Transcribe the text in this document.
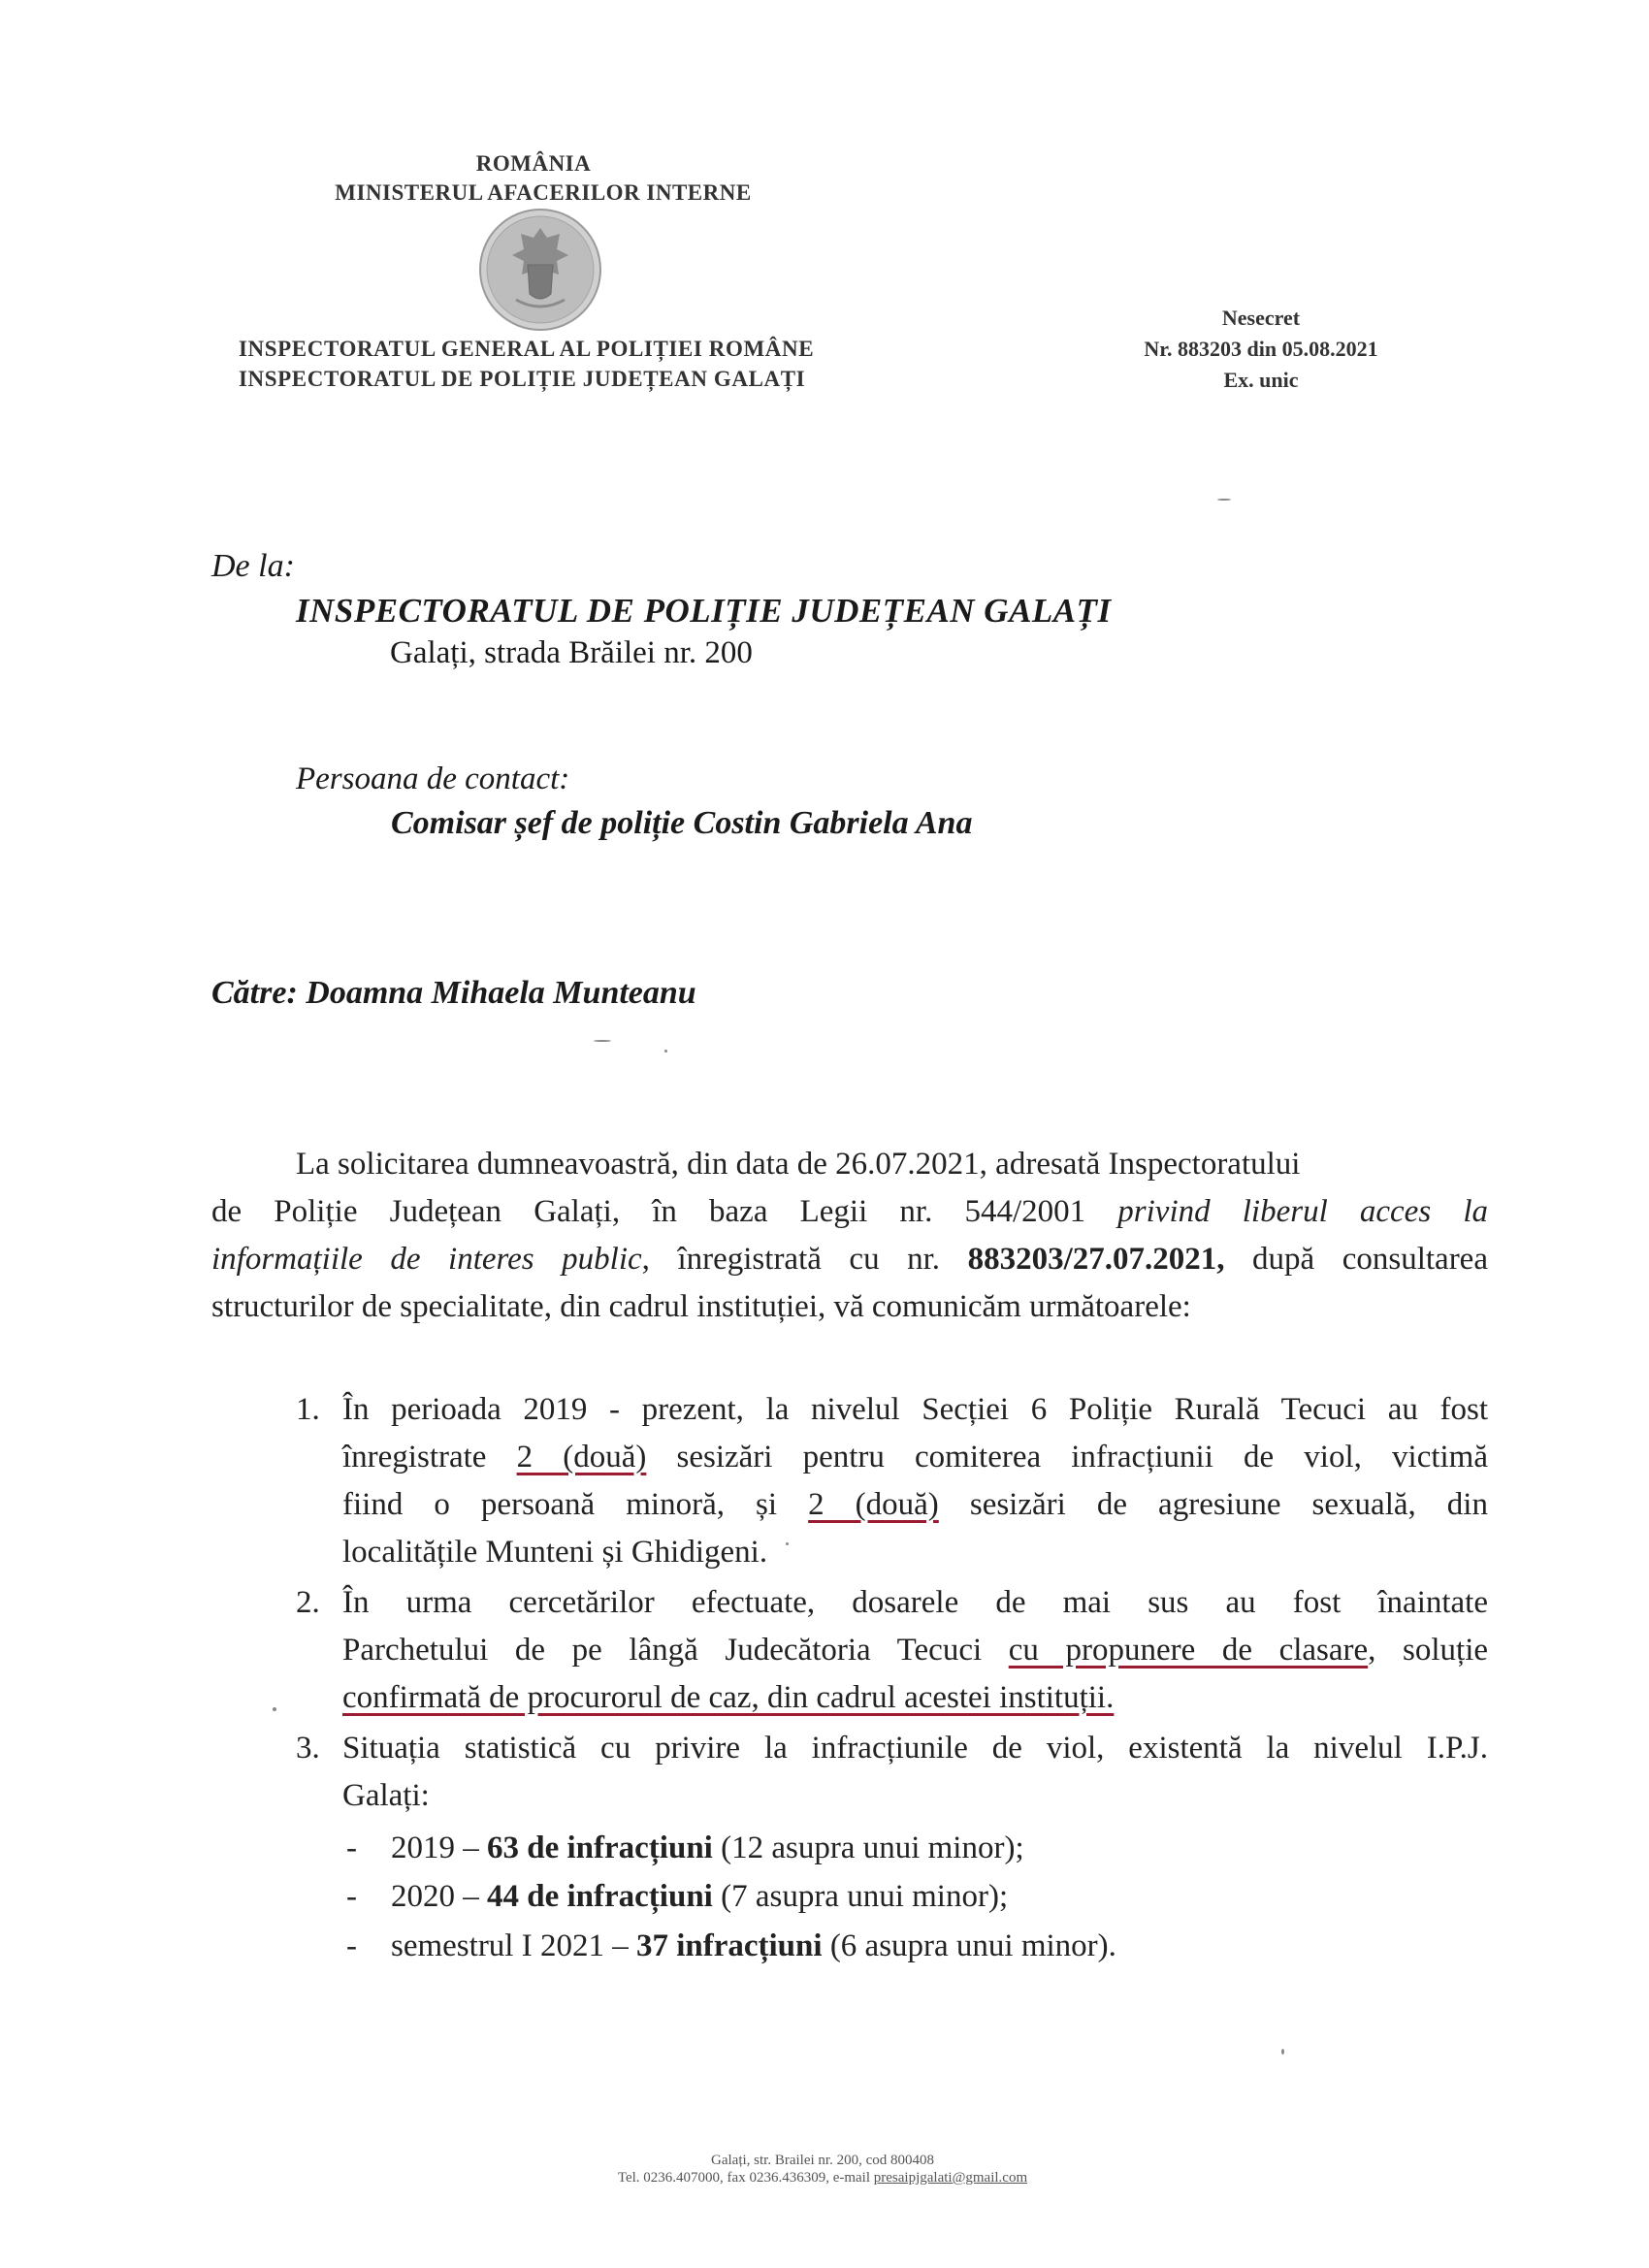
ROMÂNIA
MINISTERUL AFACERILOR INTERNE
INSPECTORATUL GENERAL AL POLIȚIEI ROMÂNE
INSPECTORATUL DE POLIȚIE JUDEȚEAN GALAȚI
Nesecret
Nr. 883203 din 05.08.2021
Ex. unic
De la:
INSPECTORATUL DE POLIȚIE JUDEȚEAN GALAȚI
Galați, strada Brăilei nr. 200
Persoana de contact:
Comisar șef de poliție Costin Gabriela Ana
Către: Doamna Mihaela Munteanu
La solicitarea dumneavoastră, din data de 26.07.2021, adresată Inspectoratului
de Poliție Județean Galați, în baza Legii nr. 544/2001 privind liberul acces la
informațiile de interes public, înregistrată cu nr. 883203/27.07.2021, după consultarea
structurilor de specialitate, din cadrul instituției, vă comunicăm următoarele:
1. În perioada 2019 - prezent, la nivelul Secției 6 Poliție Rurală Tecuci au fost
înregistrate 2 (două) sesizări pentru comiterea infracțiunii de viol, victimă
fiind o persoană minoră, și 2 (două) sesizări de agresiune sexuală, din
localitățile Munteni și Ghidigeni.
2. În urma cercetărilor efectuate, dosarele de mai sus au fost înaintate
Parchetului de pe lângă Judecătoria Tecuci cu propunere de clasare, soluție
confirmată de procurorul de caz, din cadrul acestei instituții.
3. Situația statistică cu privire la infracțiunile de viol, existentă la nivelul I.P.J.
Galați:
- 2019 – 63 de infracțiuni (12 asupra unui minor);
- 2020 – 44 de infracțiuni (7 asupra unui minor);
- semestrul I 2021 – 37 infracțiuni (6 asupra unui minor).
Galați, str. Brailei nr. 200, cod 800408
Tel. 0236.407000, fax 0236.436309, e-mail presaipjgalati@gmail.com
